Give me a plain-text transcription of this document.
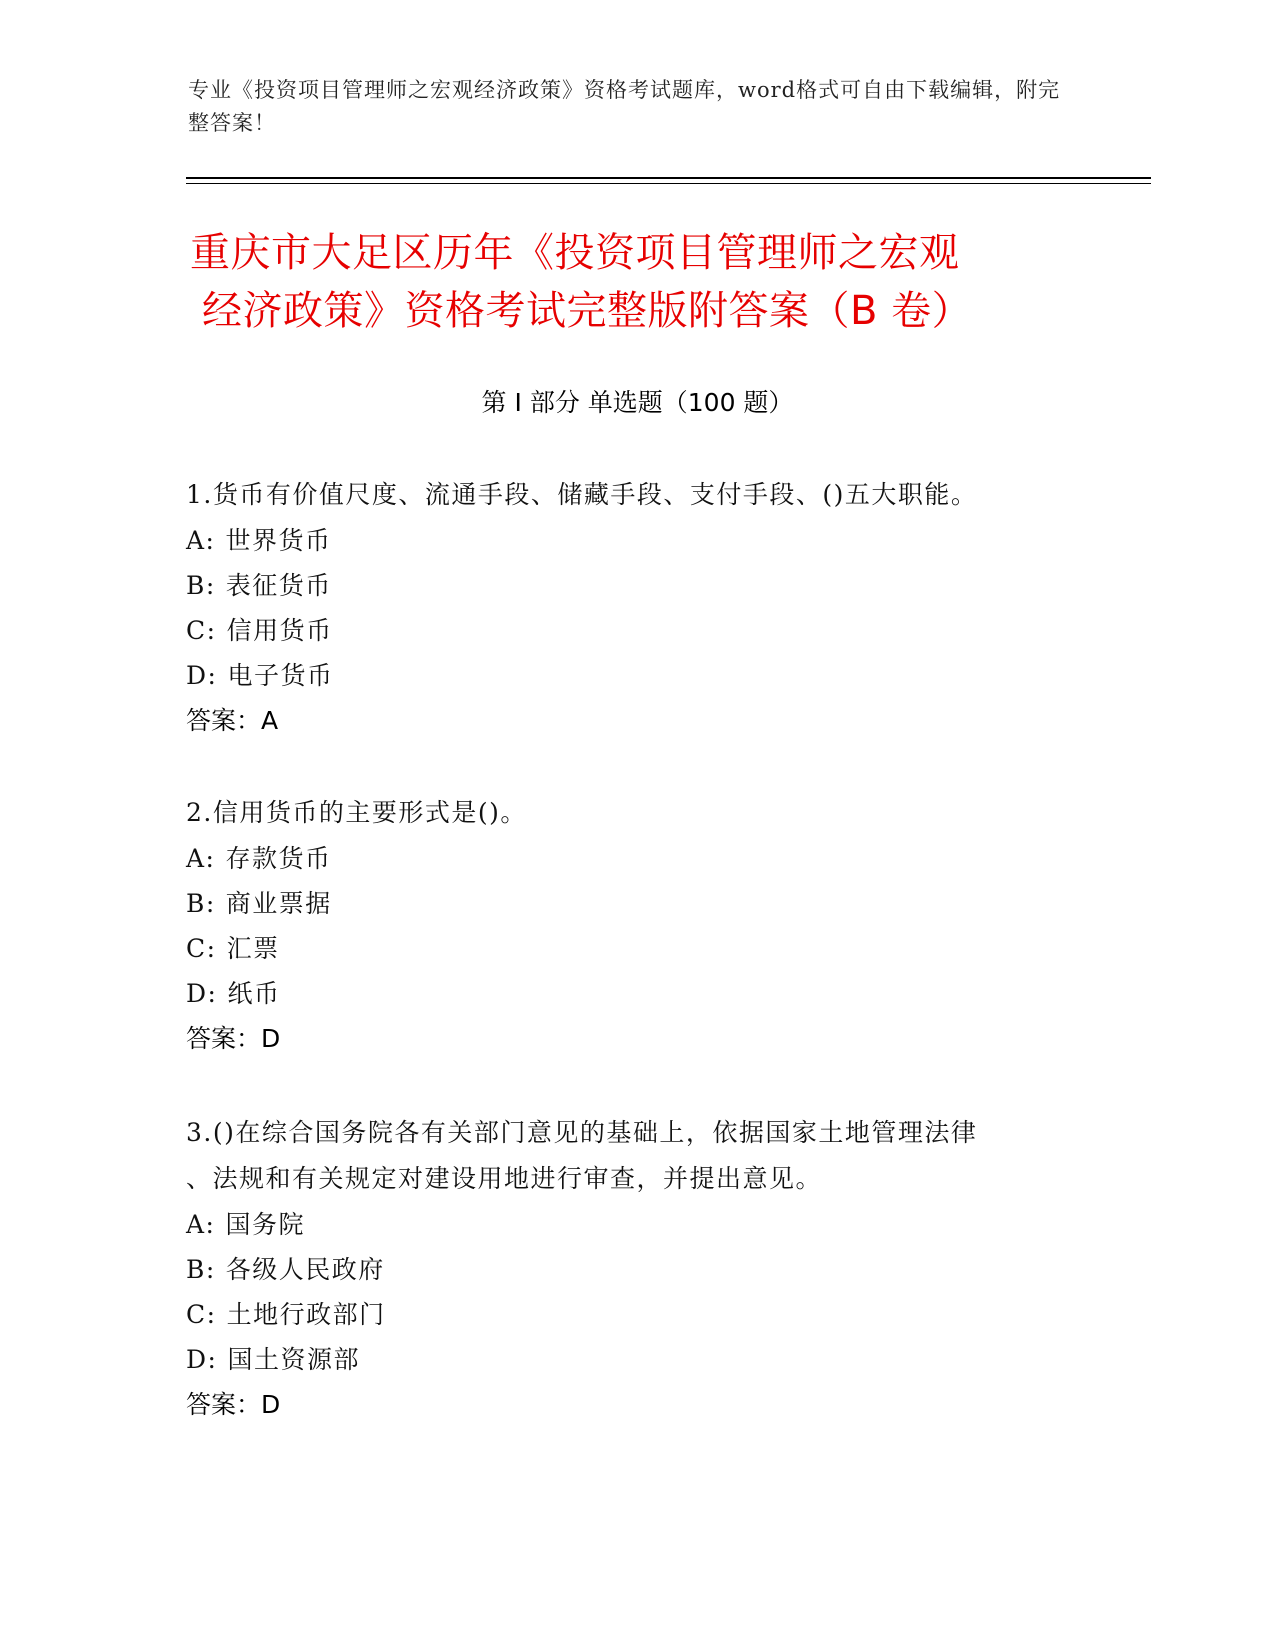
专业《投资项目管理师之宏观经济政策》资格考试题库，word格式可自由下载编辑，附完整答案！
重庆市大足区历年《投资项目管理师之宏观
经济政策》资格考试完整版附答案（B 卷）
第 I 部分 单选题（100 题）
1.货币有价值尺度、流通手段、储藏手段、支付手段、()五大职能。
A: 世界货币
B: 表征货币
C: 信用货币
D: 电子货币
答案：A
2.信用货币的主要形式是()。
A: 存款货币
B: 商业票据
C: 汇票
D: 纸币
答案：D
3.()在综合国务院各有关部门意见的基础上，依据国家土地管理法律
、法规和有关规定对建设用地进行审查，并提出意见。
A: 国务院
B: 各级人民政府
C: 土地行政部门
D: 国土资源部
答案：D
